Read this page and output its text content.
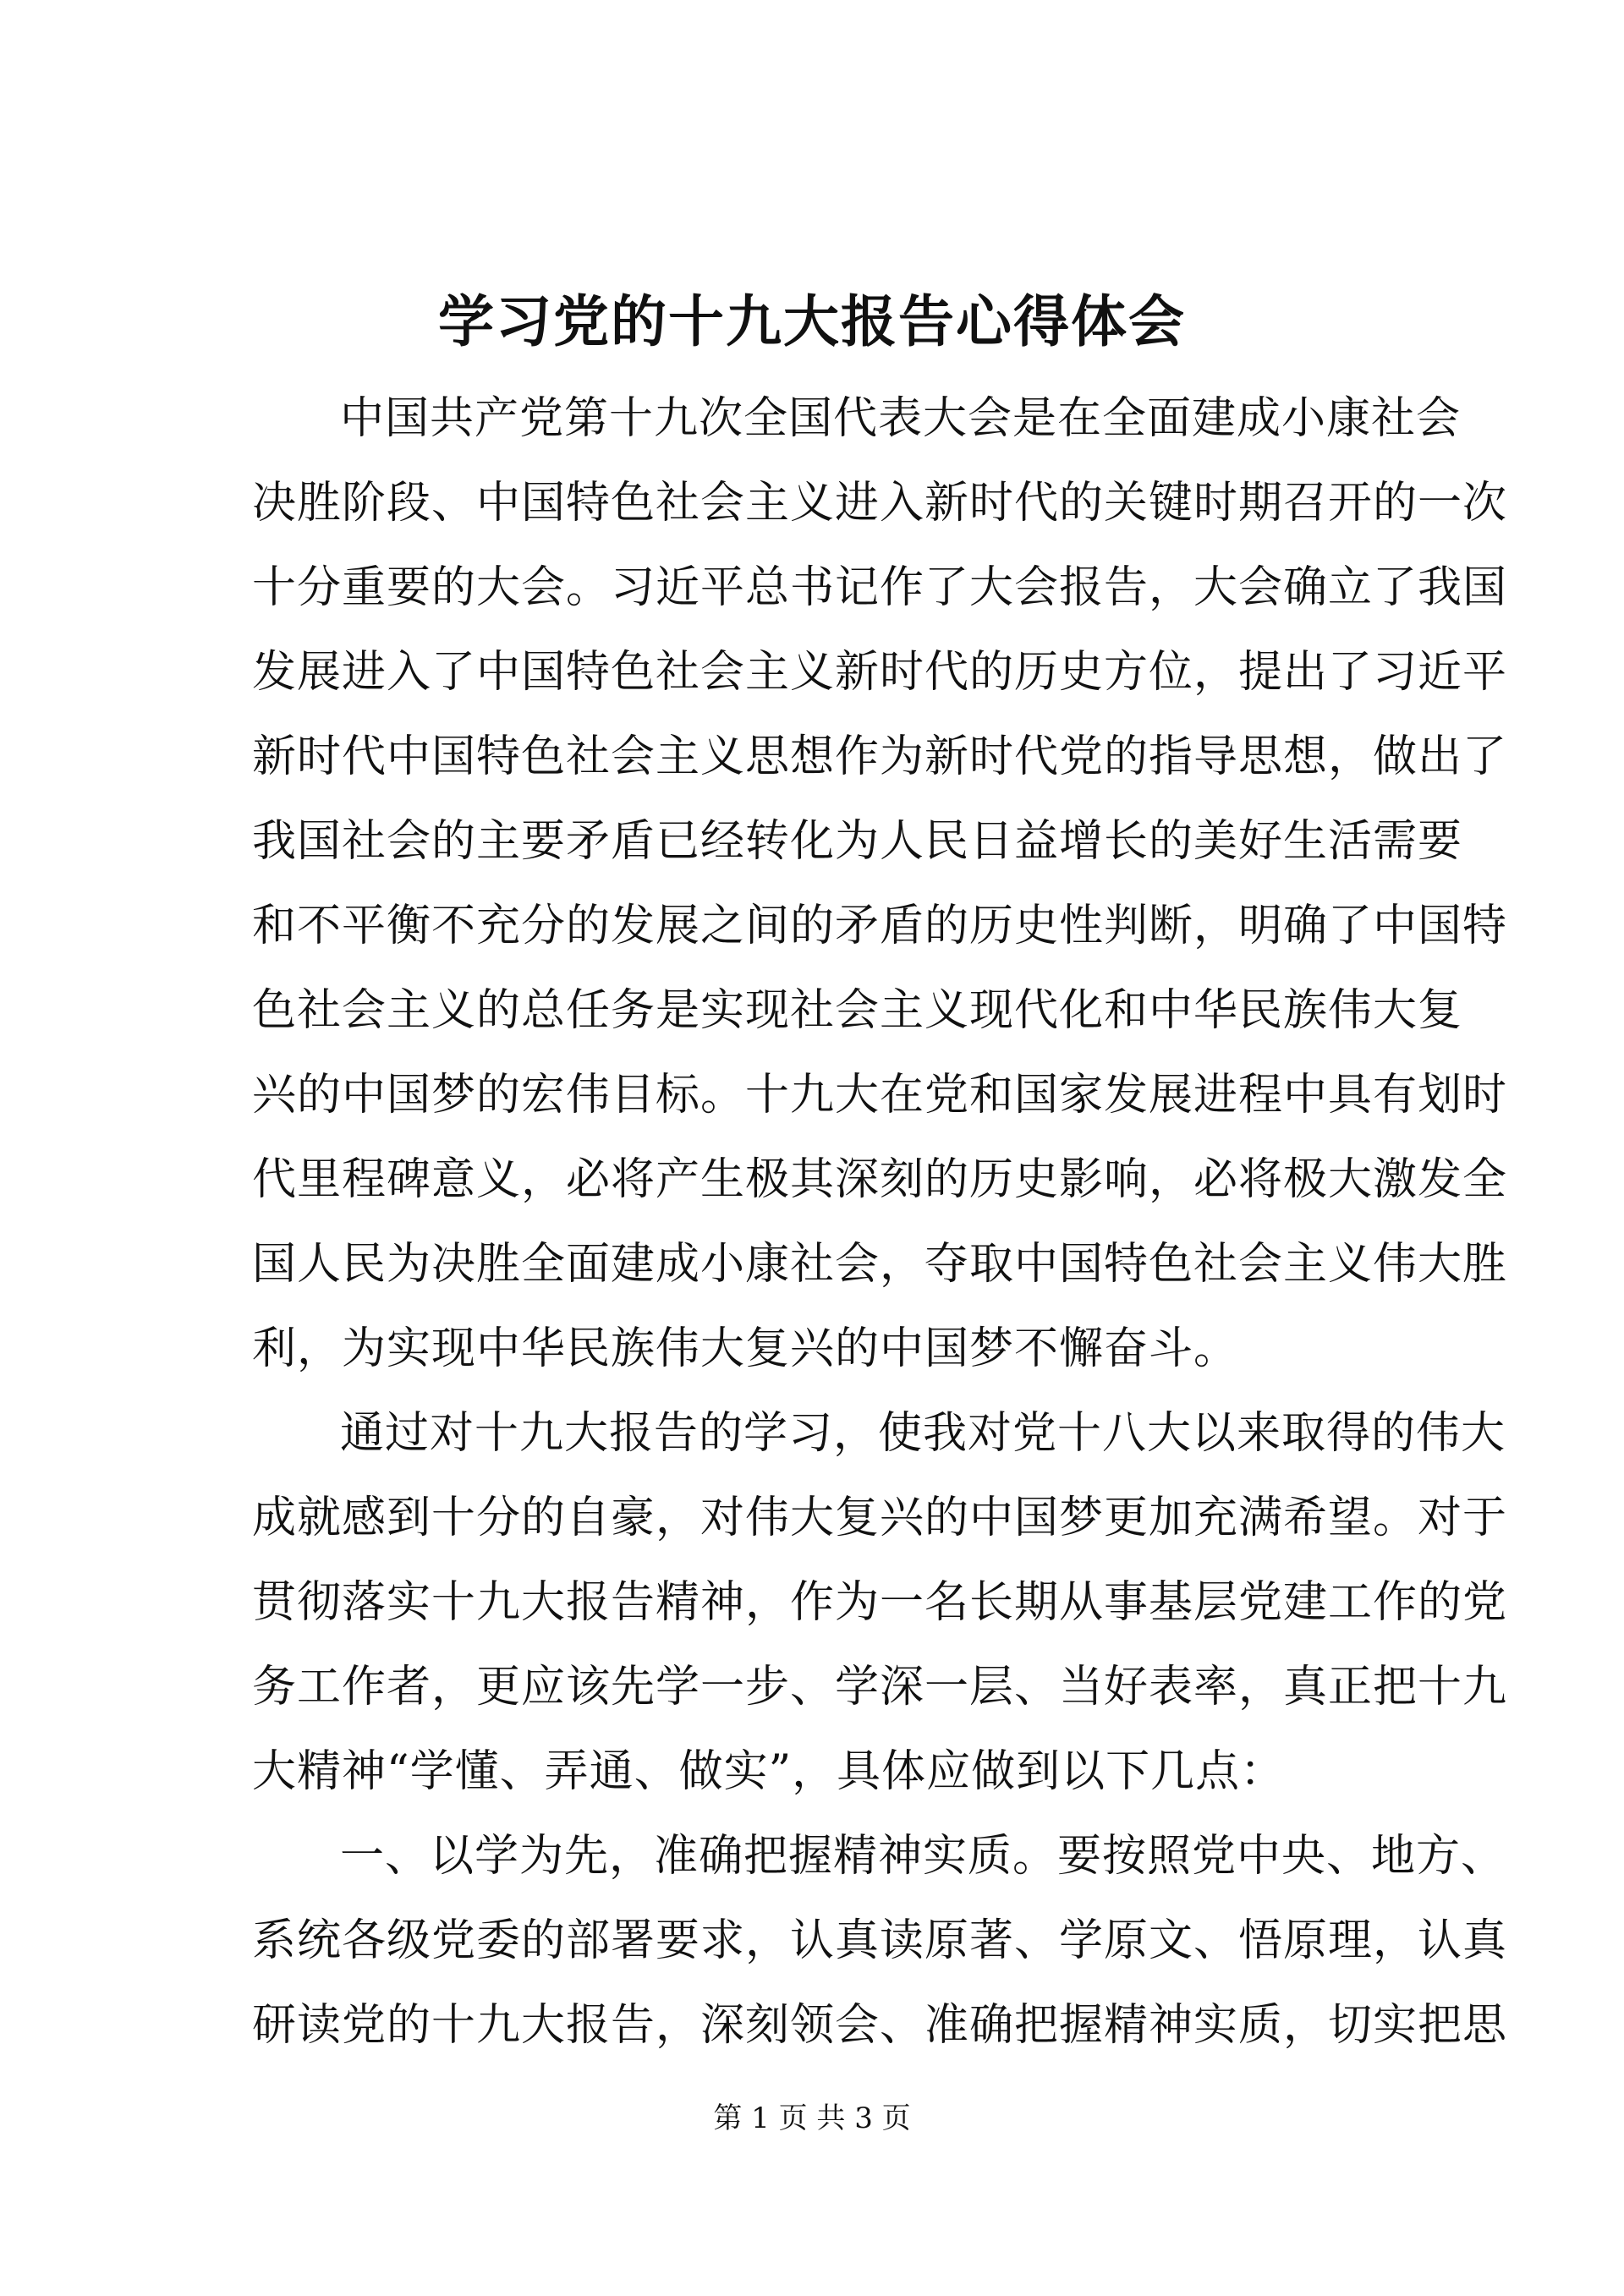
学习党的十九大报告心得体会
中国共产党第十九次全国代表大会是在全面建成小康社会
决胜阶段、中国特色社会主义进入新时代的关键时期召开的一次
十分重要的大会。习近平总书记作了大会报告，大会确立了我国
发展进入了中国特色社会主义新时代的历史方位，提出了习近平
新时代中国特色社会主义思想作为新时代党的指导思想，做出了
我国社会的主要矛盾已经转化为人民日益增长的美好生活需要
和不平衡不充分的发展之间的矛盾的历史性判断，明确了中国特
色社会主义的总任务是实现社会主义现代化和中华民族伟大复
兴的中国梦的宏伟目标。十九大在党和国家发展进程中具有划时
代里程碑意义，必将产生极其深刻的历史影响，必将极大激发全
国人民为决胜全面建成小康社会，夺取中国特色社会主义伟大胜
利，为实现中华民族伟大复兴的中国梦不懈奋斗。
通过对十九大报告的学习，使我对党十八大以来取得的伟大
成就感到十分的自豪，对伟大复兴的中国梦更加充满希望。对于
贯彻落实十九大报告精神，作为一名长期从事基层党建工作的党
务工作者，更应该先学一步、学深一层、当好表率，真正把十九
大精神“学懂、弄通、做实”，具体应做到以下几点：
一、以学为先，准确把握精神实质。要按照党中央、地方、
系统各级党委的部署要求，认真读原著、学原文、悟原理，认真
研读党的十九大报告，深刻领会、准确把握精神实质，切实把思
第 1 页 共 3 页
